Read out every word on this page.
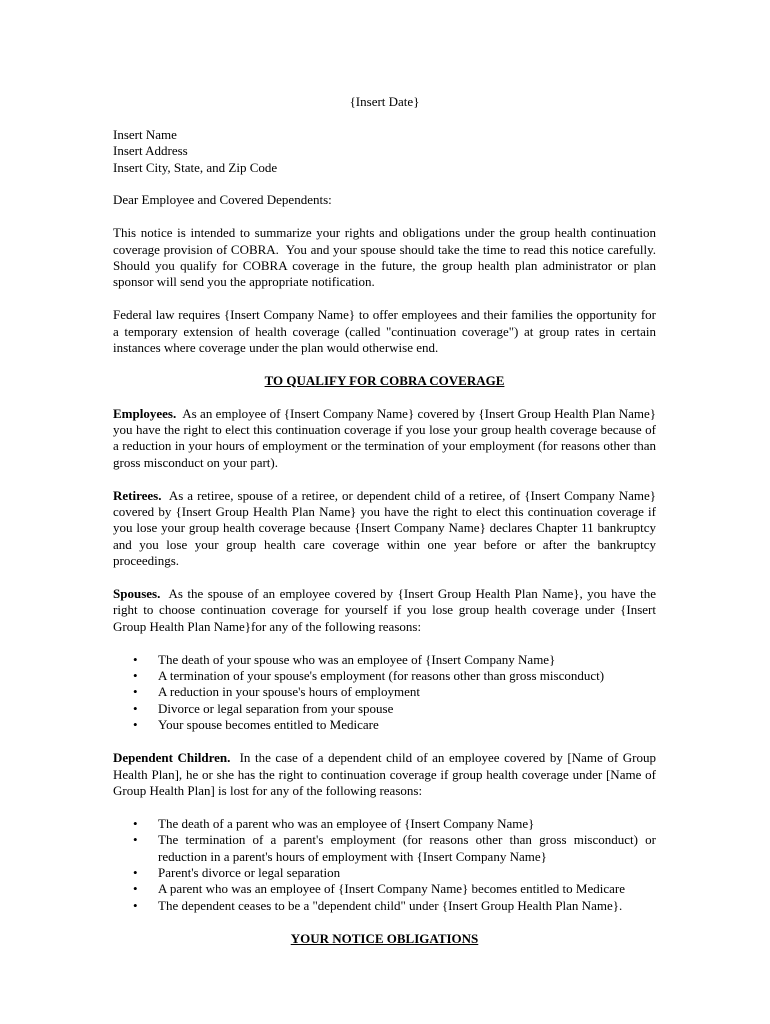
{Insert Date}
Insert Name
Insert Address
Insert City, State, and Zip Code
Dear Employee and Covered Dependents:
This notice is intended to summarize your rights and obligations under the group health continuation coverage provision of COBRA.  You and your spouse should take the time to read this notice carefully.  Should you qualify for COBRA coverage in the future, the group health plan administrator or plan sponsor will send you the appropriate notification.
Federal law requires {Insert Company Name} to offer employees and their families the opportunity for a temporary extension of health coverage (called "continuation coverage") at group rates in certain instances where coverage under the plan would otherwise end.
TO QUALIFY FOR COBRA COVERAGE
Employees. As an employee of {Insert Company Name} covered by {Insert Group Health Plan Name} you have the right to elect this continuation coverage if you lose your group health coverage because of a reduction in your hours of employment or the termination of your employment (for reasons other than gross misconduct on your part).
Retirees. As a retiree, spouse of a retiree, or dependent child of a retiree, of {Insert Company Name} covered by {Insert Group Health Plan Name} you have the right to elect this continuation coverage if you lose your group health coverage because {Insert Company Name} declares Chapter 11 bankruptcy and you lose your group health care coverage within one year before or after the bankruptcy proceedings.
Spouses. As the spouse of an employee covered by {Insert Group Health Plan Name}, you have the right to choose continuation coverage for yourself if you lose group health coverage under {Insert Group Health Plan Name}for any of the following reasons:
• The death of your spouse who was an employee of {Insert Company Name}
• A termination of your spouse's employment (for reasons other than gross misconduct)
• A reduction in your spouse's hours of employment
• Divorce or legal separation from your spouse
• Your spouse becomes entitled to Medicare
Dependent Children. In the case of a dependent child of an employee covered by [Name of Group Health Plan], he or she has the right to continuation coverage if group health coverage under [Name of Group Health Plan] is lost for any of the following reasons:
• The death of a parent who was an employee of {Insert Company Name}
• The termination of a parent's employment (for reasons other than gross misconduct) or reduction in a parent's hours of employment with {Insert Company Name}
• Parent's divorce or legal separation
• A parent who was an employee of {Insert Company Name} becomes entitled to Medicare
• The dependent ceases to be a "dependent child" under {Insert Group Health Plan Name}.
YOUR NOTICE OBLIGATIONS
